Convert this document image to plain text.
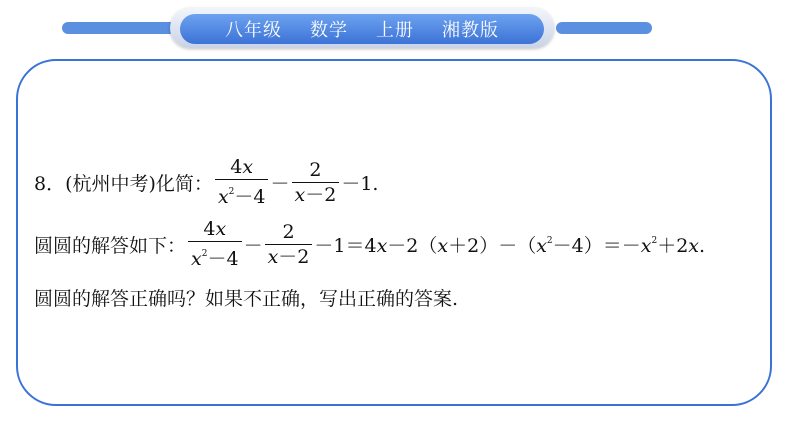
八年级 数学 上册 湘教版
8． (杭州中考) 化简： $\frac{4x}{x^2-4} - \frac{2}{x-2} -1$.
圆圆的解答如下： $\frac{4x}{x^2-4} - \frac{2}{x-2} -1=4x-2(x+2)-(x^2-4)=-x^2+2x$.
圆圆的解答正确吗？如果不正确，写出正确的答案.
